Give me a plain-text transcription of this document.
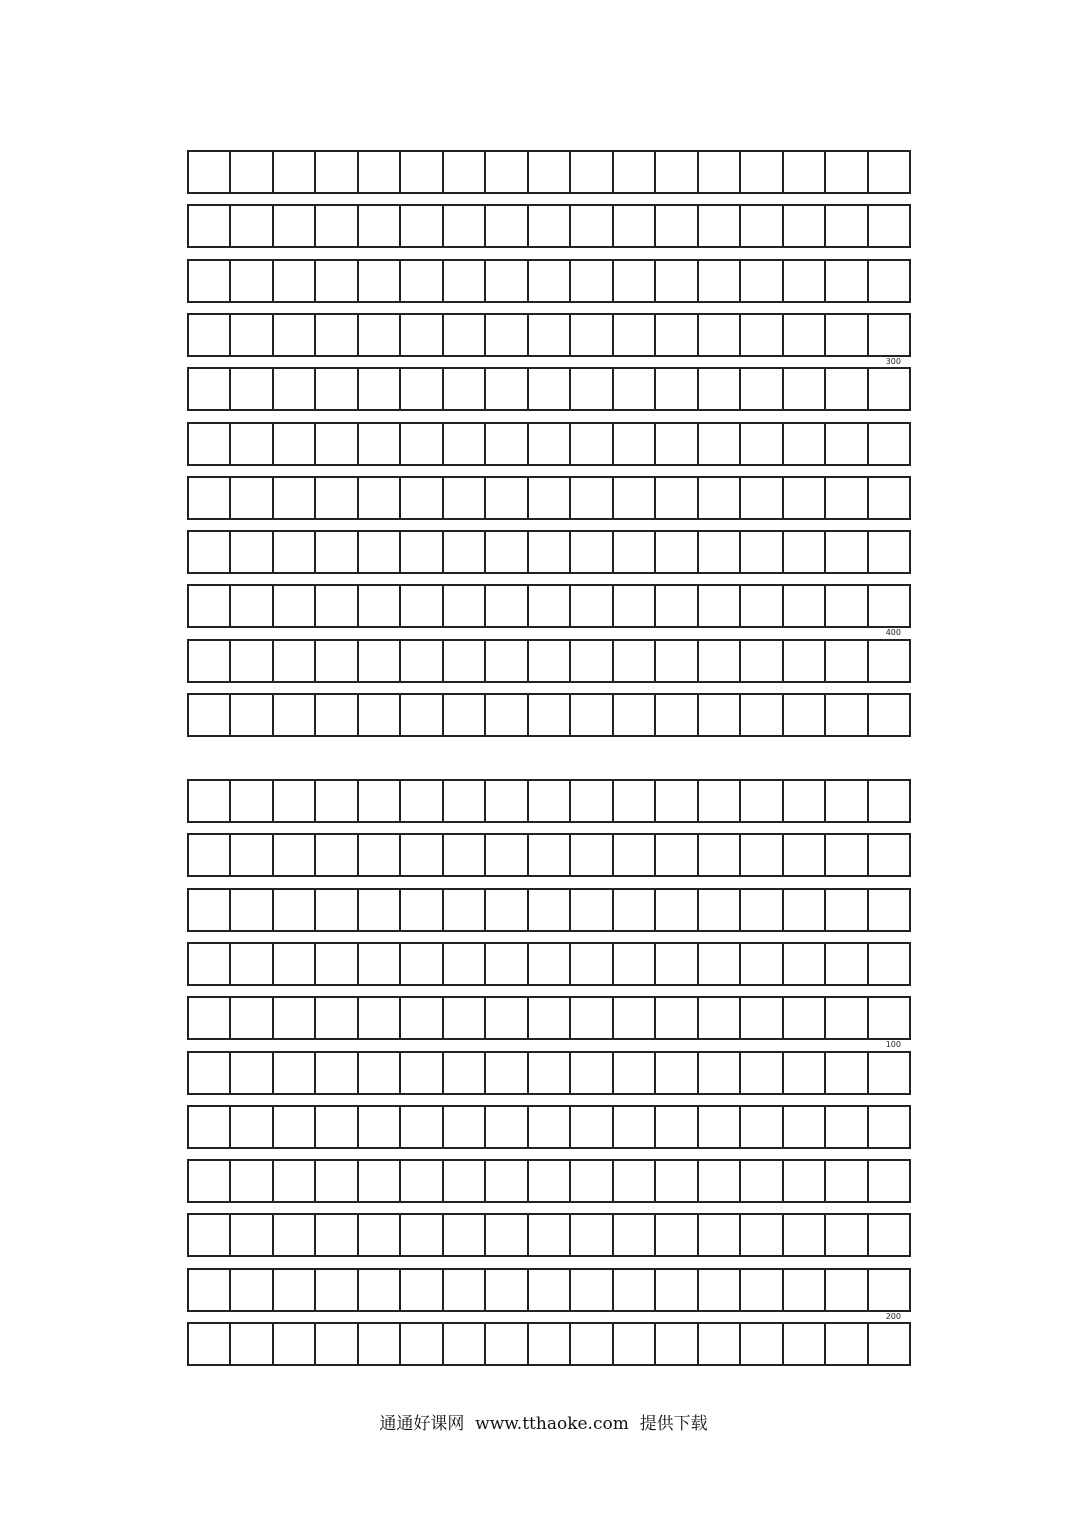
300
400
100
200
通通好课网  www.tthaoke.com  提供下载
